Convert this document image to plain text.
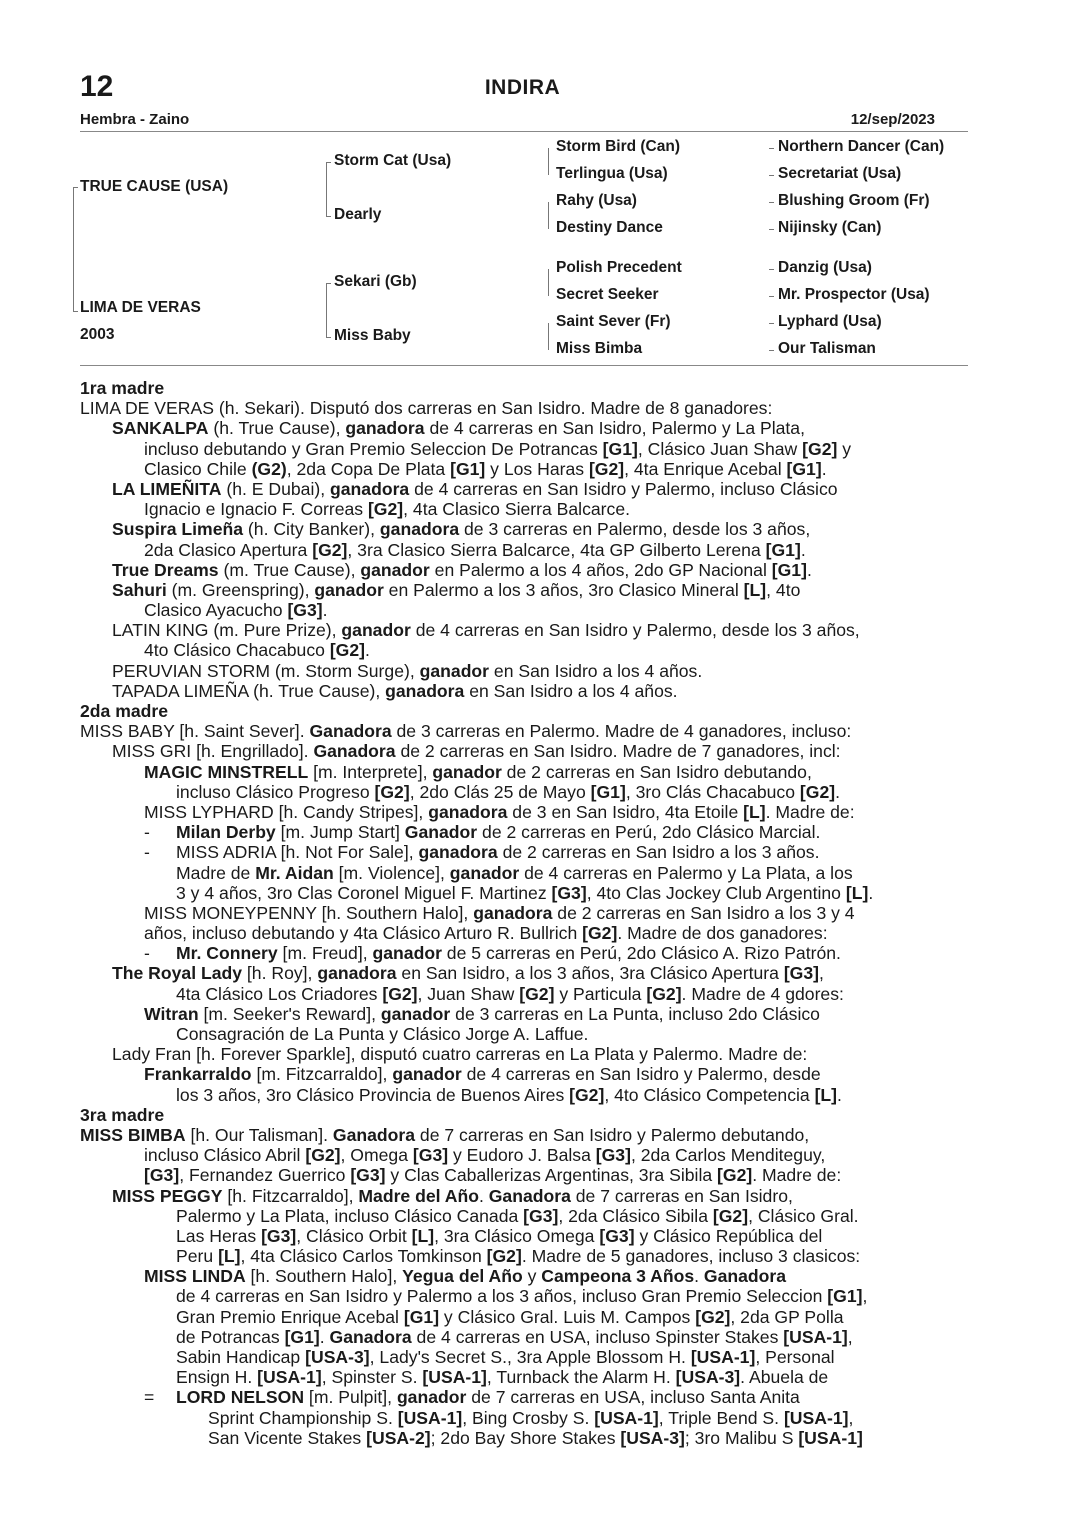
12	INDIRA
Hembra - Zaino	12/sep/2023
TRUE CAUSE (USA)
LIMA DE VERAS
2003
Storm Cat (Usa)
Dearly
Sekari (Gb)
Miss Baby
Storm Bird (Can)
Terlingua (Usa)
Rahy (Usa)
Destiny Dance
Polish Precedent
Secret Seeker
Saint Sever (Fr)
Miss Bimba
Northern Dancer (Can)
Secretariat (Usa)
Blushing Groom (Fr)
Nijinsky (Can)
Danzig (Usa)
Mr. Prospector (Usa)
Lyphard (Usa)
Our Talisman
1ra madre
LIMA DE VERAS (h. Sekari). Disputó dos carreras en San Isidro. Madre de 8 ganadores:
SANKALPA (h. True Cause), ganadora de 4 carreras en San Isidro, Palermo y La Plata,
incluso debutando y Gran Premio Seleccion De Potrancas [G1], Clásico Juan Shaw [G2] y
Clasico Chile (G2), 2da Copa De Plata [G1] y Los Haras [G2], 4ta Enrique Acebal [G1].
LA LIMEÑITA (h. E Dubai), ganadora de 4 carreras en San Isidro y Palermo, incluso Clásico
Ignacio e Ignacio F. Correas [G2], 4ta Clasico Sierra Balcarce.
Suspira Limeña (h. City Banker), ganadora de 3 carreras en Palermo, desde los 3 años,
2da Clasico Apertura [G2], 3ra Clasico Sierra Balcarce, 4ta GP Gilberto Lerena [G1].
True Dreams (m. True Cause), ganador en Palermo a los 4 años, 2do GP Nacional [G1].
Sahuri (m. Greenspring), ganador en Palermo a los 3 años, 3ro Clasico Mineral [L], 4to
Clasico Ayacucho [G3].
LATIN KING (m. Pure Prize), ganador de 4 carreras en San Isidro y Palermo, desde los 3 años,
4to Clásico Chacabuco [G2].
PERUVIAN STORM (m. Storm Surge), ganador en San Isidro a los 4 años.
TAPADA LIMEÑA (h. True Cause), ganadora en San Isidro a los 4 años.
2da madre
MISS BABY [h. Saint Sever]. Ganadora de 3 carreras en Palermo. Madre de 4 ganadores, incluso:
MISS GRI [h. Engrillado]. Ganadora de 2 carreras en San Isidro. Madre de 7 ganadores, incl:
MAGIC MINSTRELL [m. Interprete], ganador de 2 carreras en San Isidro debutando,
incluso Clásico Progreso [G2], 2do Clás 25 de Mayo [G1], 3ro Clás Chacabuco [G2].
MISS LYPHARD [h. Candy Stripes], ganadora de 3 en San Isidro, 4ta Etoile [L]. Madre de:
- Milan Derby [m. Jump Start] Ganador de 2 carreras en Perú, 2do Clásico Marcial.
- MISS ADRIA [h. Not For Sale], ganadora de 2 carreras en San Isidro a los 3 años.
Madre de Mr. Aidan [m. Violence], ganador de 4 carreras en Palermo y La Plata, a los
3 y 4 años, 3ro Clas Coronel Miguel F. Martinez [G3], 4to Clas Jockey Club Argentino [L].
MISS MONEYPENNY [h. Southern Halo], ganadora de 2 carreras en San Isidro a los 3 y 4
años, incluso debutando y 4ta Clásico Arturo R. Bullrich [G2]. Madre de dos ganadores:
- Mr. Connery [m. Freud], ganador de 5 carreras en Perú, 2do Clásico A. Rizo Patrón.
The Royal Lady [h. Roy], ganadora en San Isidro, a los 3 años, 3ra Clásico Apertura [G3],
4ta Clásico Los Criadores [G2], Juan Shaw [G2] y Particula [G2]. Madre de 4 gdores:
Witran [m. Seeker's Reward], ganador de 3 carreras en La Punta, incluso 2do Clásico
Consagración de La Punta y Clásico Jorge A. Laffue.
Lady Fran [h. Forever Sparkle], disputó cuatro carreras en La Plata y Palermo. Madre de:
Frankarraldo [m. Fitzcarraldo], ganador de 4 carreras en San Isidro y Palermo, desde
los 3 años, 3ro Clásico Provincia de Buenos Aires [G2], 4to Clásico Competencia [L].
3ra madre
MISS BIMBA [h. Our Talisman]. Ganadora de 7 carreras en San Isidro y Palermo debutando,
incluso Clásico Abril [G2], Omega [G3] y Eudoro J. Balsa [G3], 2da Carlos Menditeguy,
[G3], Fernandez Guerrico [G3] y Clas Caballerizas Argentinas, 3ra Sibila [G2]. Madre de:
MISS PEGGY [h. Fitzcarraldo], Madre del Año. Ganadora de 7 carreras en San Isidro,
Palermo y La Plata, incluso Clásico Canada [G3], 2da Clásico Sibila [G2], Clásico Gral.
Las Heras [G3], Clásico Orbit [L], 3ra Clásico Omega [G3] y Clásico República del
Peru [L], 4ta Clásico Carlos Tomkinson [G2]. Madre de 5 ganadores, incluso 3 clasicos:
MISS LINDA [h. Southern Halo], Yegua del Año y Campeona 3 Años. Ganadora
de 4 carreras en San Isidro y Palermo a los 3 años, incluso Gran Premio Seleccion [G1],
Gran Premio Enrique Acebal [G1] y Clásico Gral. Luis M. Campos [G2], 2da GP Polla
de Potrancas [G1]. Ganadora de 4 carreras en USA, incluso Spinster Stakes [USA-1],
Sabin Handicap [USA-3], Lady's Secret S., 3ra Apple Blossom H. [USA-1], Personal
Ensign H. [USA-1], Spinster S. [USA-1], Turnback the Alarm H. [USA-3]. Abuela de
= LORD NELSON [m. Pulpit], ganador de 7 carreras en USA, incluso Santa Anita
Sprint Championship S. [USA-1], Bing Crosby S. [USA-1], Triple Bend S. [USA-1],
San Vicente Stakes [USA-2]; 2do Bay Shore Stakes [USA-3]; 3ro Malibu S [USA-1]
